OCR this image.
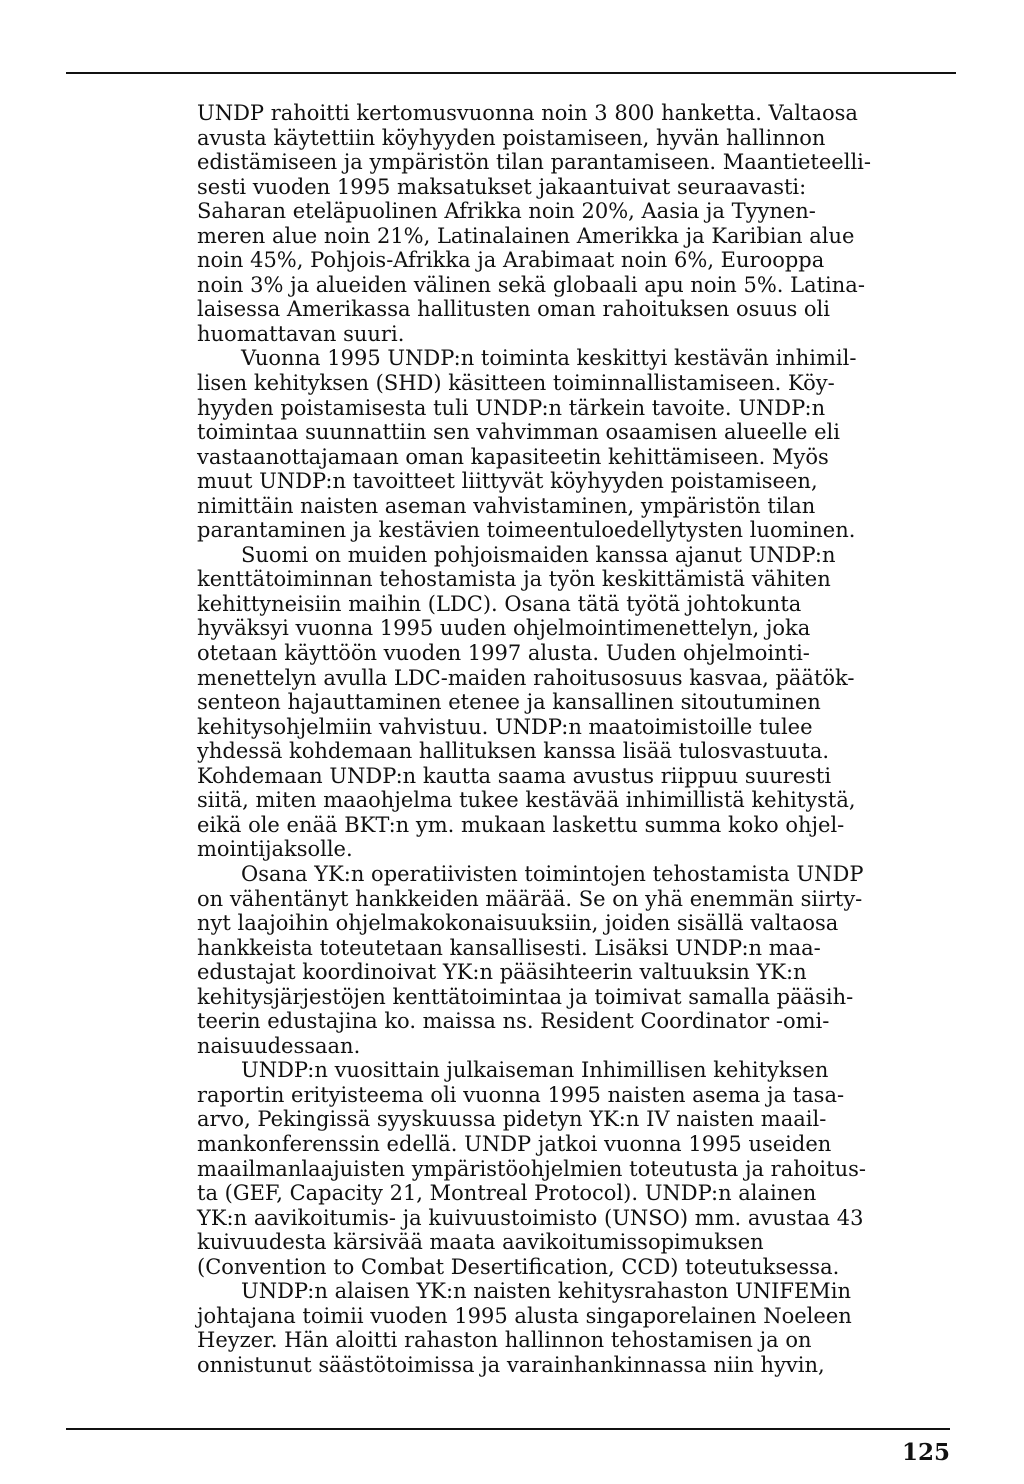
UNDP rahoitti kertomusvuonna noin 3 800 hanketta. Valtaosa
avusta käytettiin köyhyyden poistamiseen, hyvän hallinnon
edistämiseen ja ympäristön tilan parantamiseen. Maantieteelli-
sesti vuoden 1995 maksatukset jakaantuivat seuraavasti:
Saharan eteläpuolinen Afrikka noin 20%, Aasia ja Tyynen-
meren alue noin 21%, Latinalainen Amerikka ja Karibian alue
noin 45%, Pohjois-Afrikka ja Arabimaat noin 6%, Eurooppa
noin 3% ja alueiden välinen sekä globaali apu noin 5%. Latina-
laisessa Amerikassa hallitusten oman rahoituksen osuus oli
huomattavan suuri.
Vuonna 1995 UNDP:n toiminta keskittyi kestävän inhimil-
lisen kehityksen (SHD) käsitteen toiminnallistamiseen. Köy-
hyyden poistamisesta tuli UNDP:n tärkein tavoite. UNDP:n
toimintaa suunnattiin sen vahvimman osaamisen alueelle eli
vastaanottajamaan oman kapasiteetin kehittämiseen. Myös
muut UNDP:n tavoitteet liittyvät köyhyyden poistamiseen,
nimittäin naisten aseman vahvistaminen, ympäristön tilan
parantaminen ja kestävien toimeentuloedellytysten luominen.
Suomi on muiden pohjoismaiden kanssa ajanut UNDP:n
kenttätoiminnan tehostamista ja työn keskittämistä vähiten
kehittyneisiin maihin (LDC). Osana tätä työtä johtokunta
hyväksyi vuonna 1995 uuden ohjelmointimenettelyn, joka
otetaan käyttöön vuoden 1997 alusta. Uuden ohjelmointi-
menettelyn avulla LDC-maiden rahoitusosuus kasvaa, päätök-
senteon hajauttaminen etenee ja kansallinen sitoutuminen
kehitysohjelmiin vahvistuu. UNDP:n maatoimistoille tulee
yhdessä kohdemaan hallituksen kanssa lisää tulosvastuuta.
Kohdemaan UNDP:n kautta saama avustus riippuu suuresti
siitä, miten maaohjelma tukee kestävää inhimillistä kehitystä,
eikä ole enää BKT:n ym. mukaan laskettu summa koko ohjel-
mointijaksolle.
Osana YK:n operatiivisten toimintojen tehostamista UNDP
on vähentänyt hankkeiden määrää. Se on yhä enemmän siirty-
nyt laajoihin ohjelmakokonaisuuksiin, joiden sisällä valtaosa
hankkeista toteutetaan kansallisesti. Lisäksi UNDP:n maa-
edustajat koordinoivat YK:n pääsihteerin valtuuksin YK:n
kehitysjärjestöjen kenttätoimintaa ja toimivat samalla pääsih-
teerin edustajina ko. maissa ns. Resident Coordinator -omi-
naisuudessaan.
UNDP:n vuosittain julkaiseman Inhimillisen kehityksen
raportin erityisteema oli vuonna 1995 naisten asema ja tasa-
arvo, Pekingissä syyskuussa pidetyn YK:n IV naisten maail-
mankonferenssin edellä. UNDP jatkoi vuonna 1995 useiden
maailmanlaajuisten ympäristöohjelmien toteutusta ja rahoitus-
ta (GEF, Capacity 21, Montreal Protocol). UNDP:n alainen
YK:n aavikoitumis- ja kuivuustoimisto (UNSO) mm. avustaa 43
kuivuudesta kärsivää maata aavikoitumissopimuksen
(Convention to Combat Desertification, CCD) toteutuksessa.
UNDP:n alaisen YK:n naisten kehitysrahaston UNIFEMin
johtajana toimii vuoden 1995 alusta singaporelainen Noeleen
Heyzer. Hän aloitti rahaston hallinnon tehostamisen ja on
onnistunut säästötoimissa ja varainhankinnassa niin hyvin,
125
